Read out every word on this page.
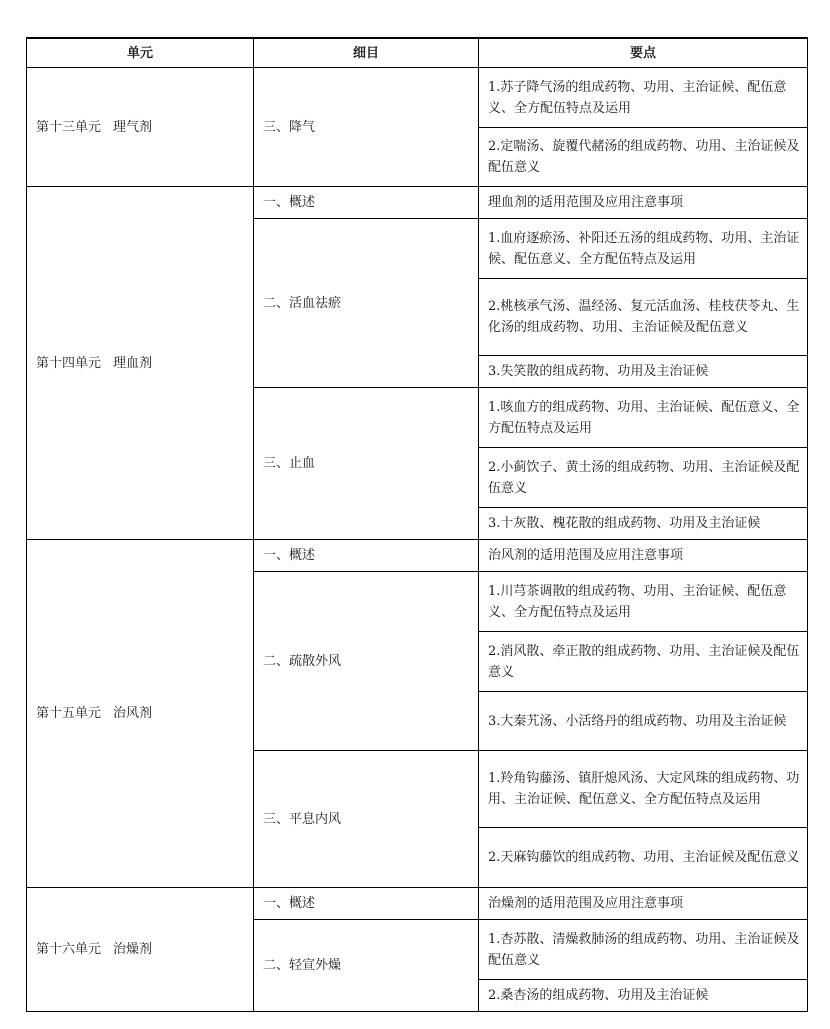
单元	细目	要点
第十三单元 理气剂	三、降气	1.苏子降气汤的组成药物、功用、主治证候、配伍意义、全方配伍特点及运用
		2.定喘汤、旋覆代赭汤的组成药物、功用、主治证候及配伍意义
第十四单元 理血剂	一、概述	理血剂的适用范围及应用注意事项
	二、活血祛瘀	1.血府逐瘀汤、补阳还五汤的组成药物、功用、主治证候、配伍意义、全方配伍特点及运用
		2.桃核承气汤、温经汤、复元活血汤、桂枝茯苓丸、生化汤的组成药物、功用、主治证候及配伍意义
		3.失笑散的组成药物、功用及主治证候
	三、止血	1.咳血方的组成药物、功用、主治证候、配伍意义、全方配伍特点及运用
		2.小蓟饮子、黄土汤的组成药物、功用、主治证候及配伍意义
		3.十灰散、槐花散的组成药物、功用及主治证候
第十五单元 治风剂	一、概述	治风剂的适用范围及应用注意事项
	二、疏散外风	1.川芎茶调散的组成药物、功用、主治证候、配伍意义、全方配伍特点及运用
		2.消风散、牵正散的组成药物、功用、主治证候及配伍意义
		3.大秦艽汤、小活络丹的组成药物、功用及主治证候
	三、平息内风	1.羚角钩藤汤、镇肝熄风汤、大定风珠的组成药物、功用、主治证候、配伍意义、全方配伍特点及运用
		2.天麻钩藤饮的组成药物、功用、主治证候及配伍意义
第十六单元 治燥剂	一、概述	治燥剂的适用范围及应用注意事项
	二、轻宣外燥	1.杏苏散、清燥救肺汤的组成药物、功用、主治证候及配伍意义
		2.桑杏汤的组成药物、功用及主治证候
